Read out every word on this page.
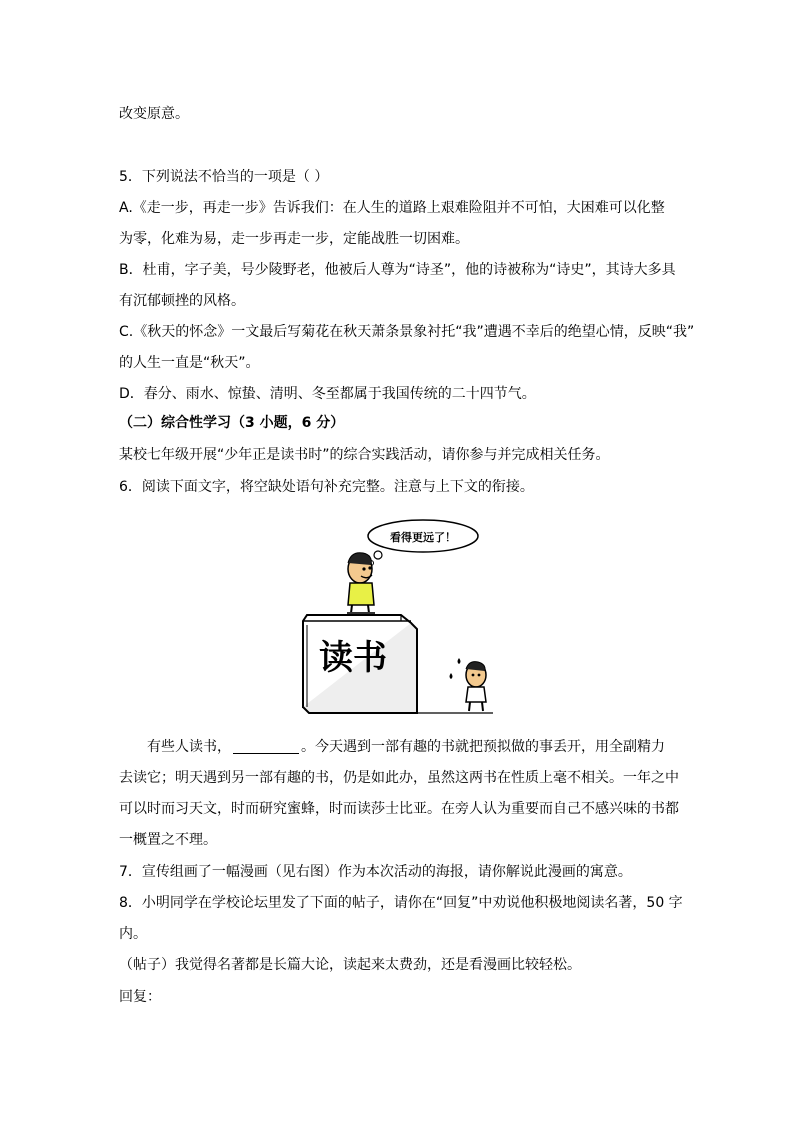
改变原意。
5．下列说法不恰当的一项是（ ）
A.《走一步，再走一步》告诉我们：在人生的道路上艰难险阻并不可怕，大困难可以化整
为零，化难为易，走一步再走一步，定能战胜一切困难。
B．杜甫，字子美，号少陵野老，他被后人尊为“诗圣”，他的诗被称为“诗史”，其诗大多具
有沉郁顿挫的风格。
C.《秋天的怀念》一文最后写菊花在秋天萧条景象衬托“我”遭遇不幸后的绝望心情，反映“我”
的人生一直是“秋天”。
D．春分、雨水、惊蛰、清明、冬至都属于我国传统的二十四节气。
（二）综合性学习（3 小题，6 分）
某校七年级开展“少年正是读书时”的综合实践活动，请你参与并完成相关任务。
6．阅读下面文字，将空缺处语句补充完整。注意与上下文的衔接。
看得更远了！
读书
有些人读书，	。今天遇到一部有趣的书就把预拟做的事丢开，用全副精力
去读它；明天遇到另一部有趣的书，仍是如此办，虽然这两书在性质上毫不相关。一年之中
可以时而习天文，时而研究蜜蜂，时而读莎士比亚。在旁人认为重要而自己不感兴味的书都
一概置之不理。
7．宣传组画了一幅漫画（见右图）作为本次活动的海报，请你解说此漫画的寓意。
8．小明同学在学校论坛里发了下面的帖子，请你在“回复”中劝说他积极地阅读名著，50 字
内。
（帖子）我觉得名著都是长篇大论，读起来太费劲，还是看漫画比较轻松。
回复：
